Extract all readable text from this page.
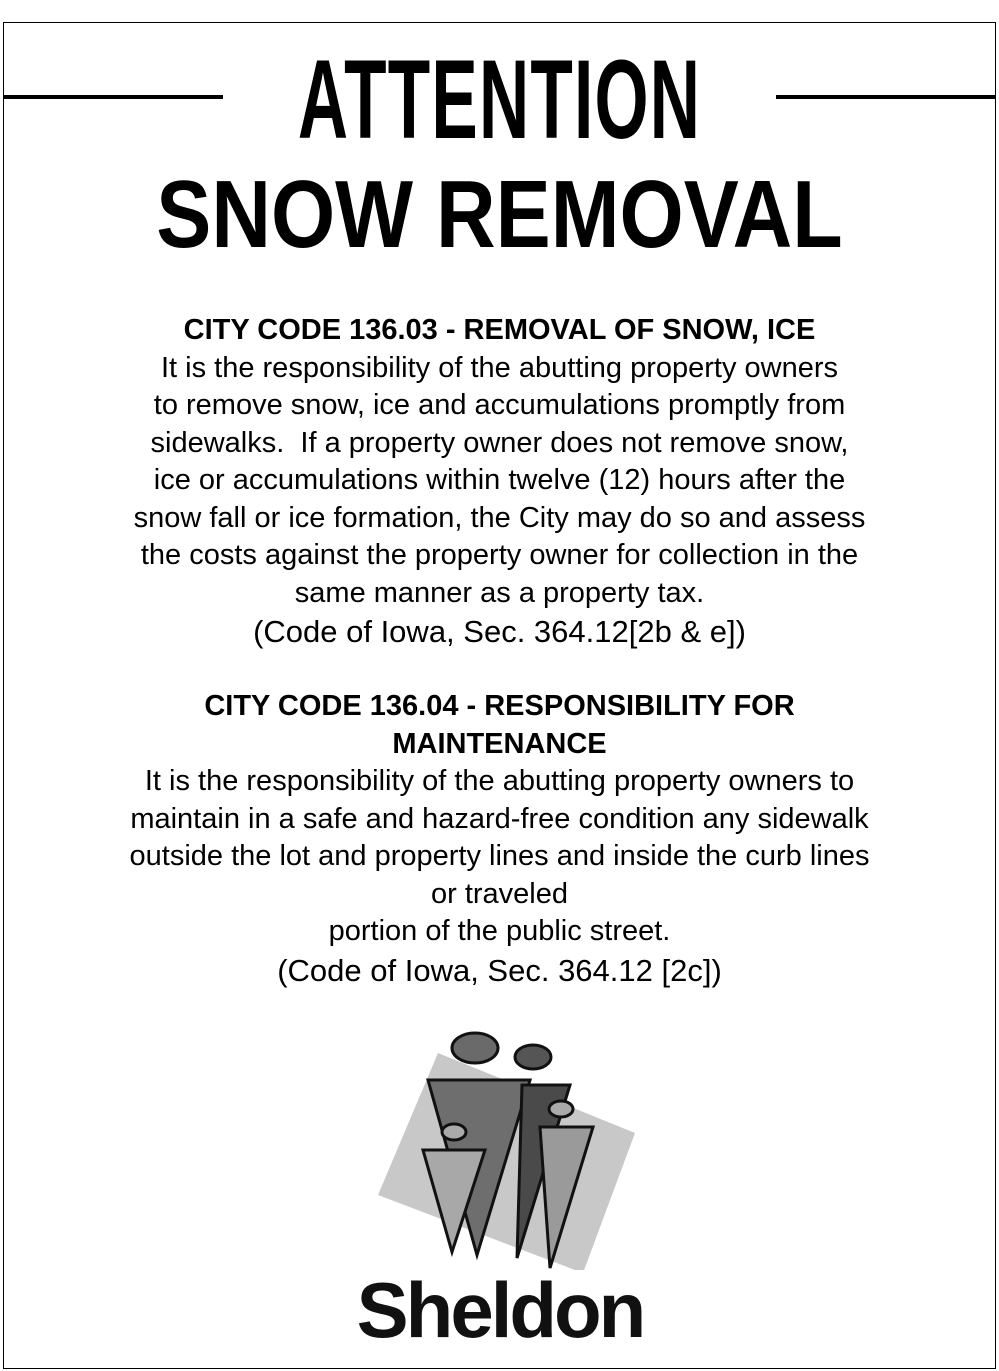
ATTENTION
SNOW REMOVAL
CITY CODE 136.03 - REMOVAL OF SNOW, ICE
It is the responsibility of the abutting property owners
to remove snow, ice and accumulations promptly from
sidewalks.  If a property owner does not remove snow,
ice or accumulations within twelve (12) hours after the
snow fall or ice formation, the City may do so and assess
the costs against the property owner for collection in the
same manner as a property tax.
(Code of Iowa, Sec. 364.12[2b & e])
CITY CODE 136.04 - RESPONSIBILITY FOR
MAINTENANCE
It is the responsibility of the abutting property owners to
maintain in a safe and hazard-free condition any sidewalk
outside the lot and property lines and inside the curb lines
or traveled
portion of the public street.
(Code of Iowa, Sec. 364.12 [2c])
Sheldon
